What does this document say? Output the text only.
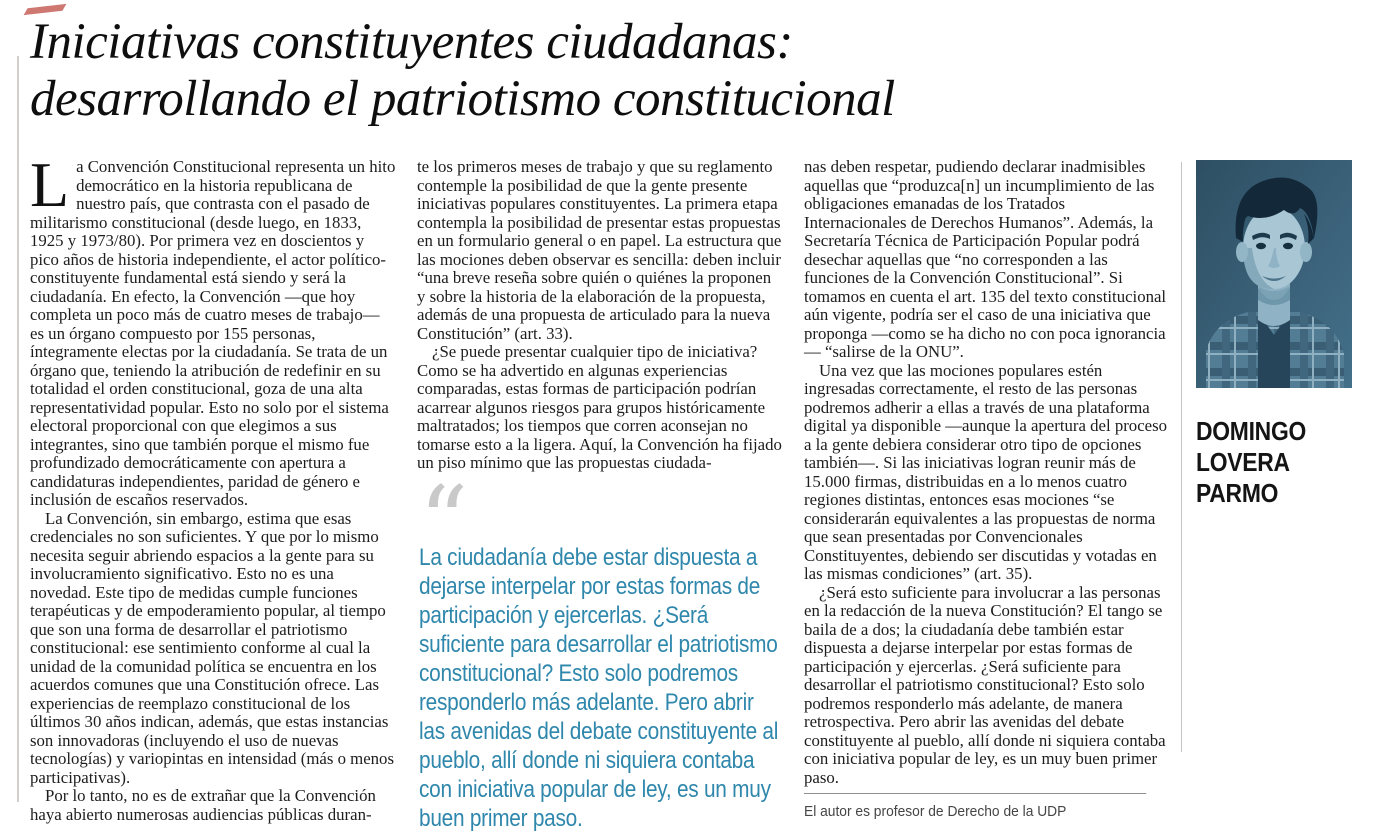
Iniciativas constituyentes ciudadanas:
desarrollando el patriotismo constitucional

La Convención Constitucional representa un hito democrático en la historia republicana de nuestro país, que contrasta con el pasado de militarismo constitucional (desde luego, en 1833, 1925 y 1973/80). Por primera vez en doscientos y pico años de historia independiente, el actor político-constituyente fundamental está siendo y será la ciudadanía. En efecto, la Convención —que hoy completa un poco más de cuatro meses de trabajo— es un órgano compuesto por 155 personas, íntegramente electas por la ciudadanía. Se trata de un órgano que, teniendo la atribución de redefinir en su totalidad el orden constitucional, goza de una alta representatividad popular. Esto no solo por el sistema electoral proporcional con que elegimos a sus integrantes, sino que también porque el mismo fue profundizado democráticamente con apertura a candidaturas independientes, paridad de género e inclusión de escaños reservados.

La Convención, sin embargo, estima que esas credenciales no son suficientes. Y que por lo mismo necesita seguir abriendo espacios a la gente para su involucramiento significativo. Esto no es una novedad. Este tipo de medidas cumple funciones terapéuticas y de empoderamiento popular, al tiempo que son una forma de desarrollar el patriotismo constitucional: ese sentimiento conforme al cual la unidad de la comunidad política se encuentra en los acuerdos comunes que una Constitución ofrece. Las experiencias de reemplazo constitucional de los últimos 30 años indican, además, que estas instancias son innovadoras (incluyendo el uso de nuevas tecnologías) y variopintas en intensidad (más o menos participativas).

Por lo tanto, no es de extrañar que la Convención haya abierto numerosas audiencias públicas duran-

te los primeros meses de trabajo y que su reglamento contemple la posibilidad de que la gente presente iniciativas populares constituyentes. La primera etapa contempla la posibilidad de presentar estas propuestas en un formulario general o en papel. La estructura que las mociones deben observar es sencilla: deben incluir “una breve reseña sobre quién o quiénes la proponen y sobre la historia de la elaboración de la propuesta, además de una propuesta de articulado para la nueva Constitución” (art. 33).

¿Se puede presentar cualquier tipo de iniciativa? Como se ha advertido en algunas experiencias comparadas, estas formas de participación podrían acarrear algunos riesgos para grupos históricamente maltratados; los tiempos que corren aconsejan no tomarse esto a la ligera. Aquí, la Convención ha fijado un piso mínimo que las propuestas ciudada-

“
La ciudadanía debe estar dispuesta a dejarse interpelar por estas formas de participación y ejercerlas. ¿Será suficiente para desarrollar el patriotismo constitucional? Esto solo podremos responderlo más adelante. Pero abrir las avenidas del debate constituyente al pueblo, allí donde ni siquiera contaba con iniciativa popular de ley, es un muy buen primer paso.

nas deben respetar, pudiendo declarar inadmisibles aquellas que “produzca[n] un incumplimiento de las obligaciones emanadas de los Tratados Internacionales de Derechos Humanos”. Además, la Secretaría Técnica de Participación Popular podrá desechar aquellas que “no corresponden a las funciones de la Convención Constitucional”. Si tomamos en cuenta el art. 135 del texto constitucional aún vigente, podría ser el caso de una iniciativa que proponga —como se ha dicho no con poca ignorancia— “salirse de la ONU”.

Una vez que las mociones populares estén ingresadas correctamente, el resto de las personas podremos adherir a ellas a través de una plataforma digital ya disponible —aunque la apertura del proceso a la gente debiera considerar otro tipo de opciones también—. Si las iniciativas logran reunir más de 15.000 firmas, distribuidas en a lo menos cuatro regiones distintas, entonces esas mociones “se considerarán equivalentes a las propuestas de norma que sean presentadas por Convencionales Constituyentes, debiendo ser discutidas y votadas en las mismas condiciones” (art. 35).

¿Será esto suficiente para involucrar a las personas en la redacción de la nueva Constitución? El tango se baila de a dos; la ciudadanía debe también estar dispuesta a dejarse interpelar por estas formas de participación y ejercerlas. ¿Será suficiente para desarrollar el patriotismo constitucional? Esto solo podremos responderlo más adelante, de manera retrospectiva. Pero abrir las avenidas del debate constituyente al pueblo, allí donde ni siquiera contaba con iniciativa popular de ley, es un muy buen primer paso.

El autor es profesor de Derecho de la UDP
DOMINGO
LOVERA
PARMO
